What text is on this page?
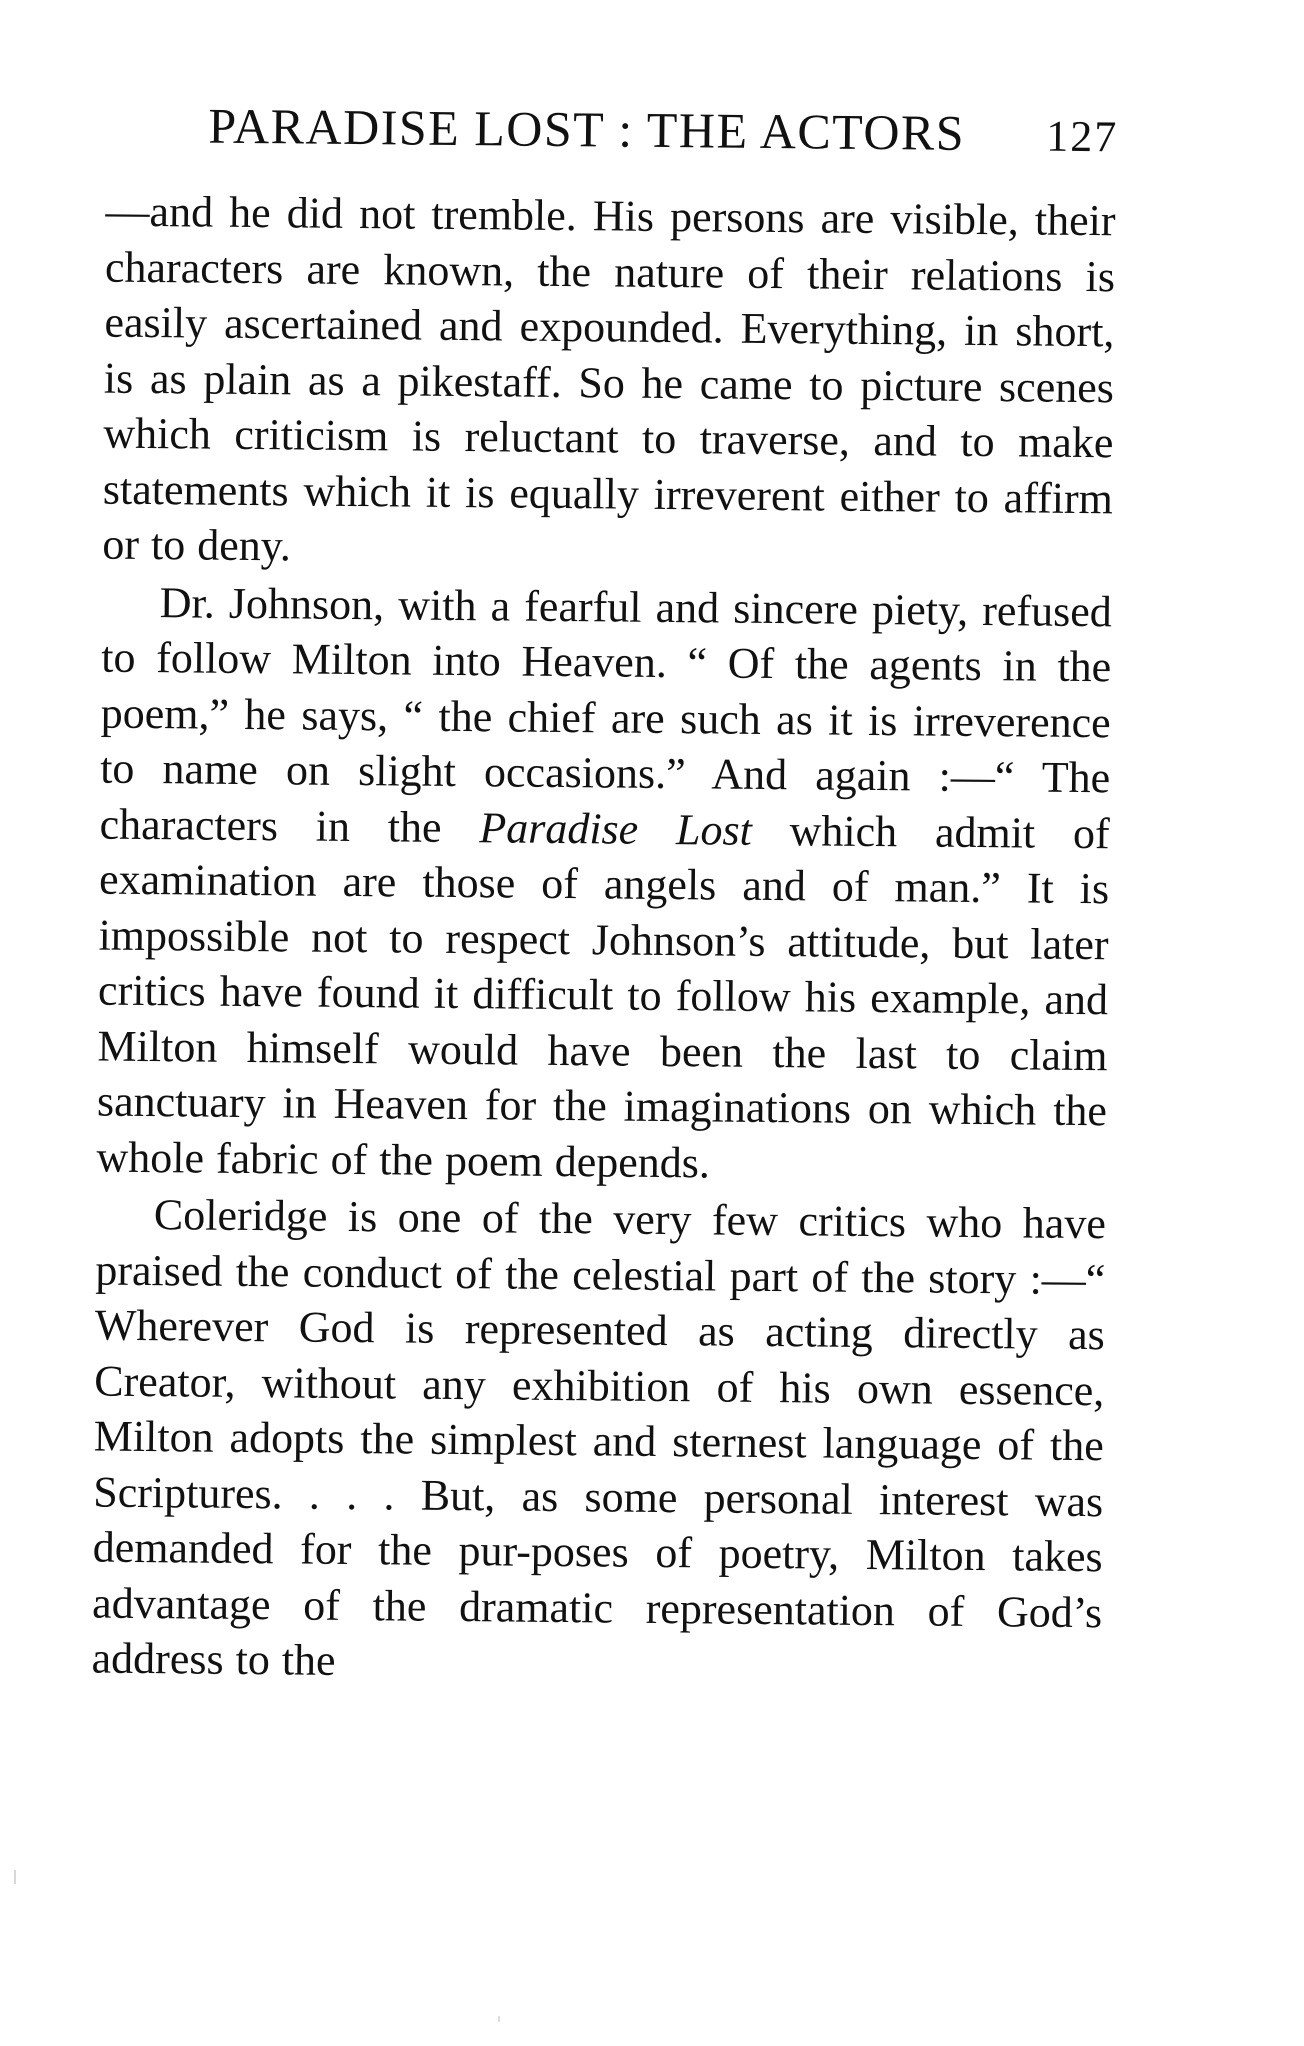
PARADISE LOST : THE ACTORS 127

—and he did not tremble. His persons are visible, their characters are known, the nature of their relations is easily ascertained and expounded. Everything, in short, is as plain as a pikestaff. So he came to picture scenes which criticism is reluctant to traverse, and to make statements which it is equally irreverent either to affirm or to deny.

Dr. Johnson, with a fearful and sincere piety, refused to follow Milton into Heaven. “ Of the agents in the poem,” he says, “ the chief are such as it is irreverence to name on slight occasions.” And again :—“ The characters in the Paradise Lost which admit of examination are those of angels and of man.” It is impossible not to respect Johnson’s attitude, but later critics have found it difficult to follow his example, and Milton himself would have been the last to claim sanctuary in Heaven for the imaginations on which the whole fabric of the poem depends.

Coleridge is one of the very few critics who have praised the conduct of the celestial part of the story :—“ Wherever God is represented as acting directly as Creator, without any exhibition of his own essence, Milton adopts the simplest and sternest language of the Scriptures. . . . But, as some personal interest was demanded for the pur-poses of poetry, Milton takes advantage of the dramatic representation of God’s address to the
